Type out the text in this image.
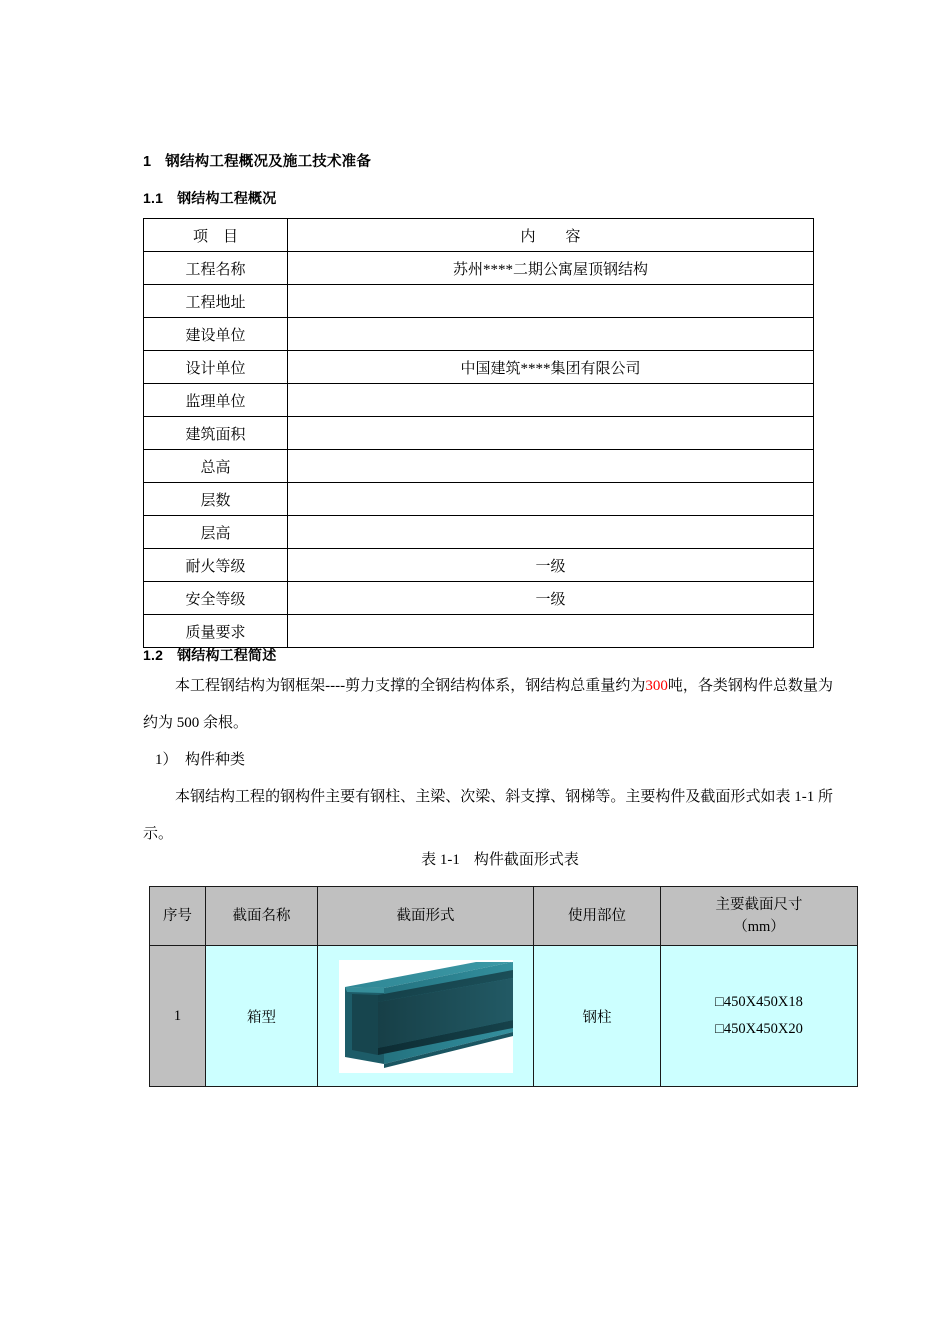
1 钢结构工程概况及施工技术准备
1.1 钢结构工程概况
项　目	内　　容
工程名称	苏州****二期公寓屋顶钢结构
工程地址	
建设单位	
设计单位	中国建筑****集团有限公司
监理单位	
建筑面积	
总高	
层数	
层高	
耐火等级	一级
安全等级	一级
质量要求	
1.2 钢结构工程简述
本工程钢结构为钢框架----剪力支撑的全钢结构体系，钢结构总重量约为300吨，各类钢构件总数量为约为 500 余根。
1）　构件种类
本钢结构工程的钢构件主要有钢柱、主梁、次梁、斜支撑、钢梯等。主要构件及截面形式如表 1-1 所示。
表 1-1 构件截面形式表
序号	截面名称	截面形式	使用部位	主要截面尺寸
（mm）

1	箱型		钢柱	□450X450X18
□450X450X20
